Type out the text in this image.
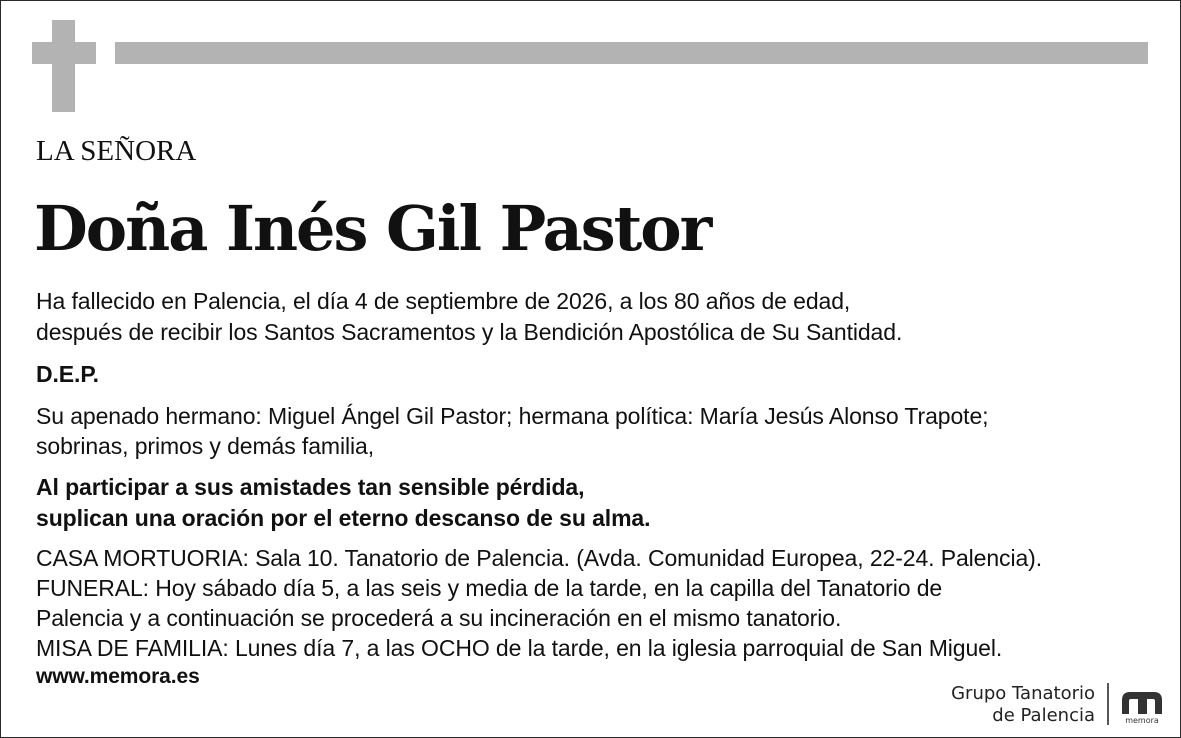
LA SEÑORA
Doña Inés Gil Pastor
Ha fallecido en Palencia, el día 4 de septiembre de 2026, a los 80 años de edad,
después de recibir los Santos Sacramentos y la Bendición Apostólica de Su Santidad.
D.E.P.
Su apenado hermano: Miguel Ángel Gil Pastor; hermana política: María Jesús Alonso Trapote;
sobrinas, primos y demás familia,
Al participar a sus amistades tan sensible pérdida,
suplican una oración por el eterno descanso de su alma.
CASA MORTUORIA: Sala 10. Tanatorio de Palencia. (Avda. Comunidad Europea, 22-24. Palencia).
FUNERAL: Hoy sábado día 5, a las seis y media de la tarde, en la capilla del Tanatorio de
Palencia y a continuación se procederá a su incineración en el mismo tanatorio.
MISA DE FAMILIA: Lunes día 7, a las OCHO de la tarde, en la iglesia parroquial de San Miguel.
www.memora.es
Grupo Tanatorio
de Palencia	memora
